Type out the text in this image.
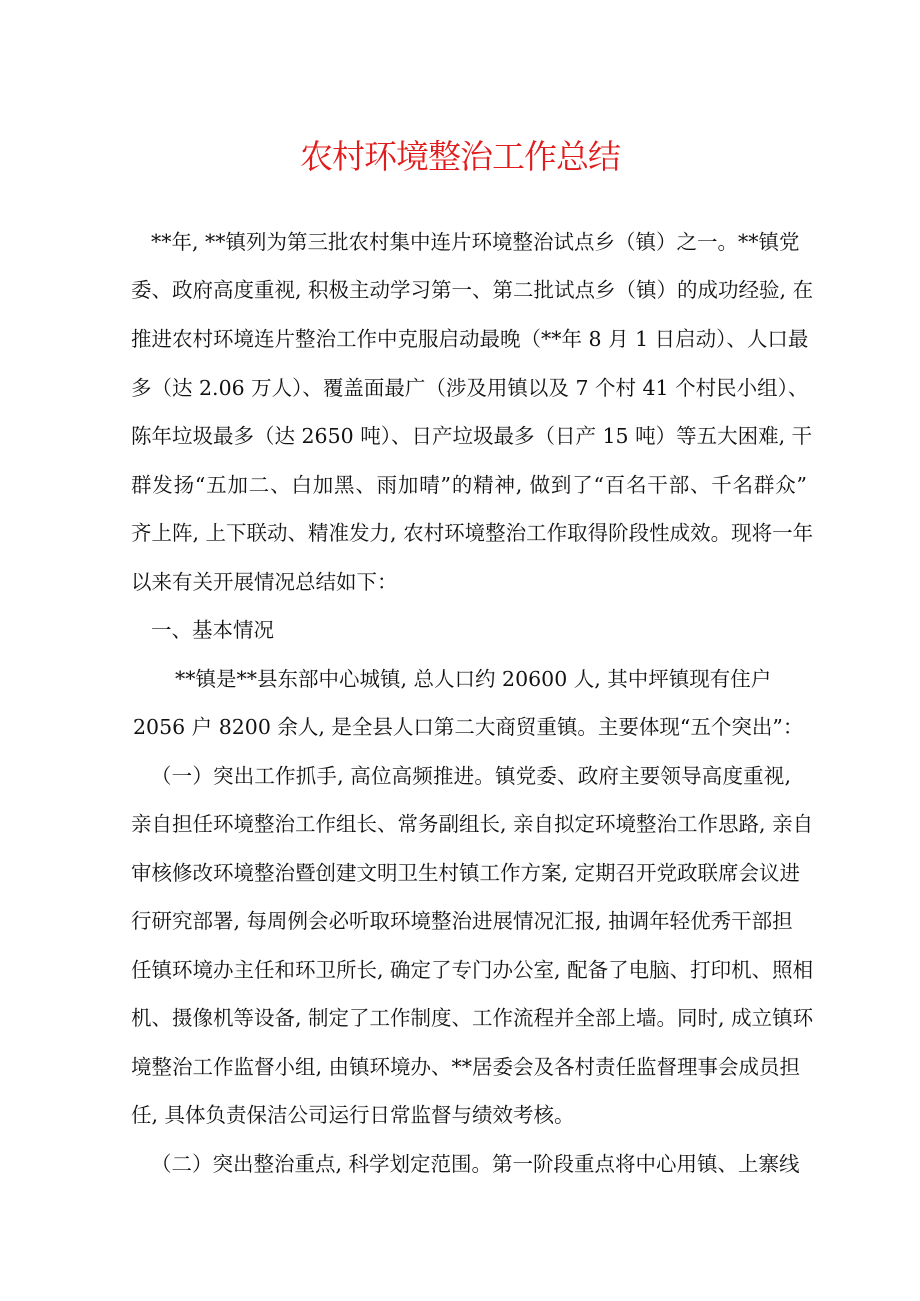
农村环境整治工作总结

**年, **镇列为第三批农村集中连片环境整治试点乡（镇）之一。**镇党

委、政府高度重视, 积极主动学习第一、第二批试点乡（镇）的成功经验, 在

推进农村环境连片整治工作中克服启动最晚（**年 8 月 1 日启动）、人口最

多（达 2.06 万人）、覆盖面最广（涉及用镇以及 7 个村 41 个村民小组）、

陈年垃圾最多（达 2650 吨）、日产垃圾最多（日产 15 吨）等五大困难, 干

群发扬“五加二、白加黑、雨加晴”的精神, 做到了“百名干部、千名群众”

齐上阵, 上下联动、精准发力, 农村环境整治工作取得阶段性成效。现将一年

以来有关开展情况总结如下：

一、基本情况

**镇是**县东部中心城镇, 总人口约 20600 人, 其中坪镇现有住户

2056 户 8200 余人, 是全县人口第二大商贸重镇。主要体现“五个突出”：

（一）突出工作抓手, 高位高频推进。镇党委、政府主要领导高度重视,

亲自担任环境整治工作组长、常务副组长, 亲自拟定环境整治工作思路, 亲自

审核修改环境整治暨创建文明卫生村镇工作方案, 定期召开党政联席会议进

行研究部署, 每周例会必听取环境整治进展情况汇报, 抽调年轻优秀干部担

任镇环境办主任和环卫所长, 确定了专门办公室, 配备了电脑、打印机、照相

机、摄像机等设备, 制定了工作制度、工作流程并全部上墙。同时, 成立镇环

境整治工作监督小组, 由镇环境办、**居委会及各村责任监督理事会成员担

任, 具体负责保洁公司运行日常监督与绩效考核。

（二）突出整治重点, 科学划定范围。第一阶段重点将中心用镇、上寨线
